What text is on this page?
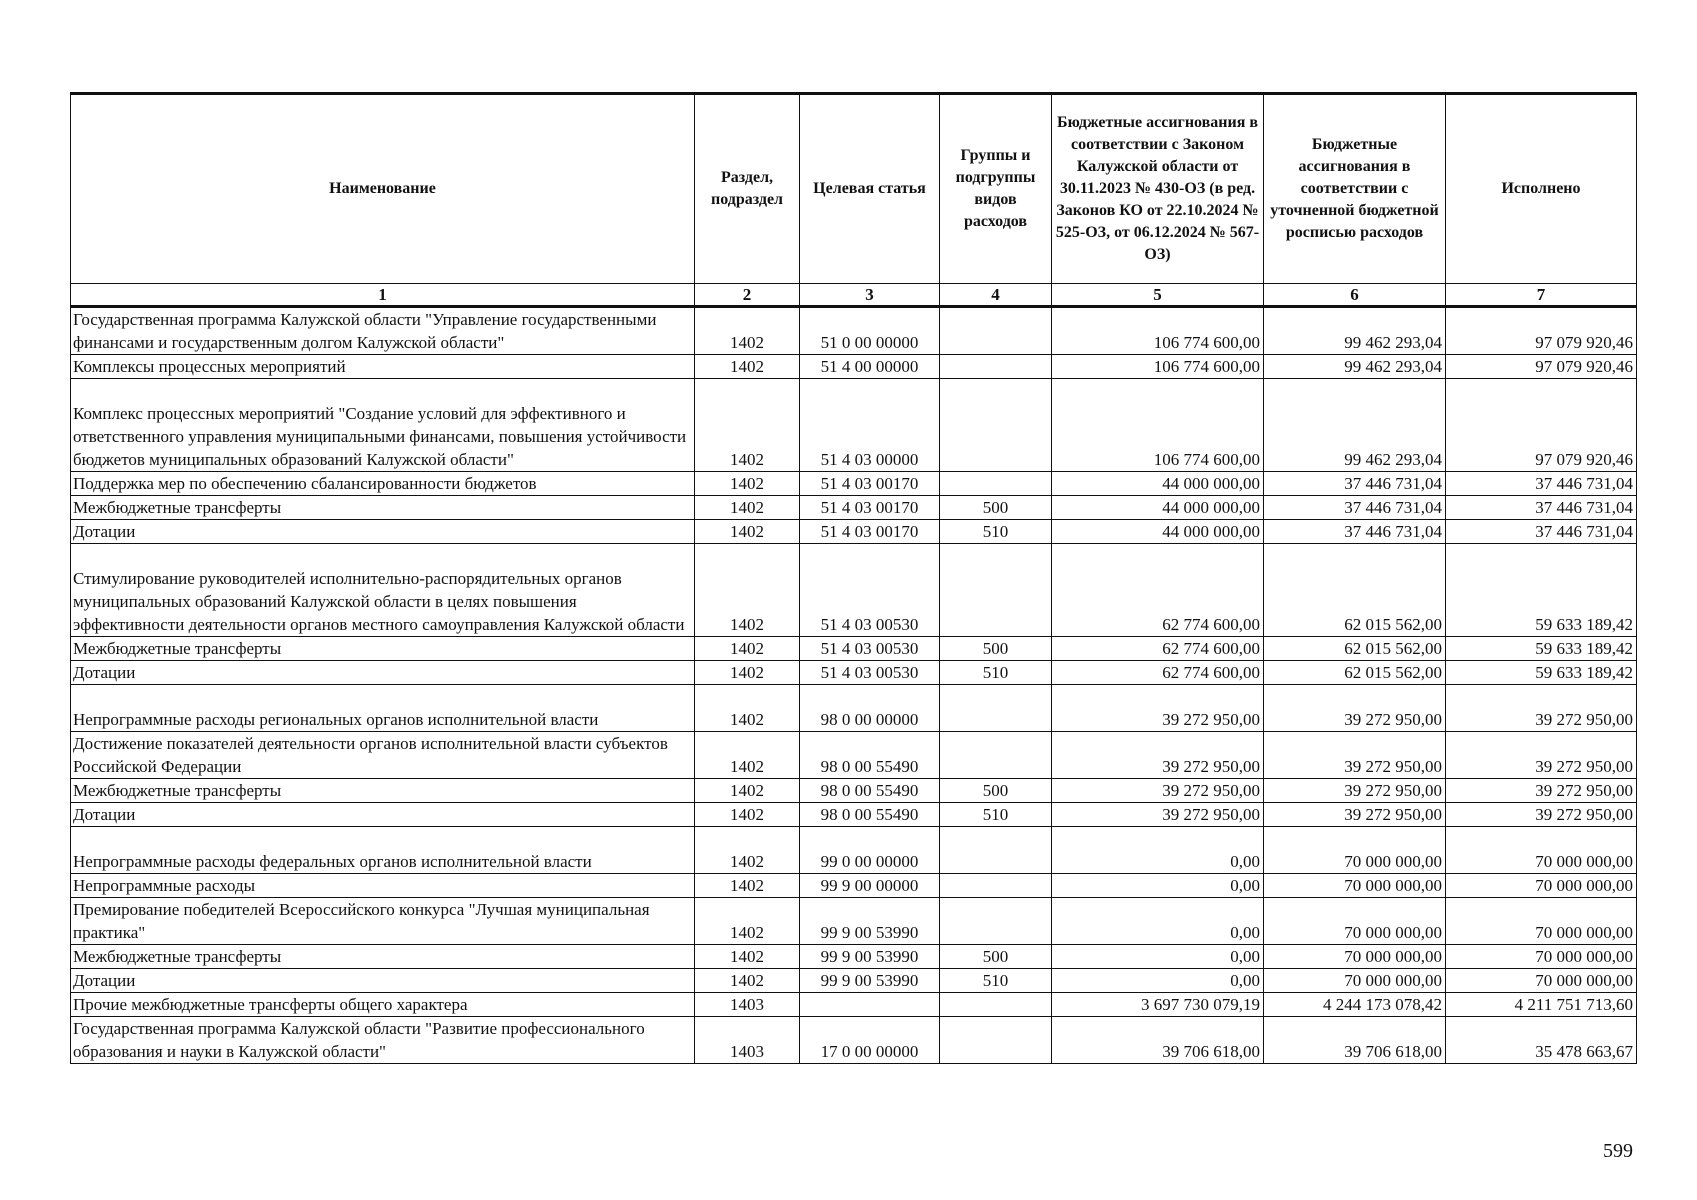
Наименование	Раздел, подраздел	Целевая статья	Группы и подгруппы видов расходов	Бюджетные ассигнования в соответствии с Законом Калужской области от 30.11.2023 № 430-ОЗ (в ред. Законов КО от 22.10.2024 № 525-ОЗ, от 06.12.2024 № 567-ОЗ)	Бюджетные ассигнования в соответствии с уточненной бюджетной росписью расходов	Исполнено
1	2	3	4	5	6	7
Государственная программа Калужской области "Управление государственными финансами и государственным долгом Калужской области"	1402	51 0 00 00000		106 774 600,00	99 462 293,04	97 079 920,46
Комплексы процессных мероприятий	1402	51 4 00 00000		106 774 600,00	99 462 293,04	97 079 920,46
Комплекс процессных мероприятий "Создание условий для эффективного и ответственного управления муниципальными финансами, повышения устойчивости бюджетов муниципальных образований Калужской области"	1402	51 4 03 00000		106 774 600,00	99 462 293,04	97 079 920,46
Поддержка мер по обеспечению сбалансированности бюджетов	1402	51 4 03 00170		44 000 000,00	37 446 731,04	37 446 731,04
Межбюджетные трансферты	1402	51 4 03 00170	500	44 000 000,00	37 446 731,04	37 446 731,04
Дотации	1402	51 4 03 00170	510	44 000 000,00	37 446 731,04	37 446 731,04
Стимулирование руководителей исполнительно-распорядительных органов муниципальных образований Калужской области в целях повышения эффективности деятельности органов местного самоуправления Калужской области	1402	51 4 03 00530		62 774 600,00	62 015 562,00	59 633 189,42
Межбюджетные трансферты	1402	51 4 03 00530	500	62 774 600,00	62 015 562,00	59 633 189,42
Дотации	1402	51 4 03 00530	510	62 774 600,00	62 015 562,00	59 633 189,42
Непрограммные расходы региональных органов исполнительной власти	1402	98 0 00 00000		39 272 950,00	39 272 950,00	39 272 950,00
Достижение показателей деятельности органов исполнительной власти субъектов Российской Федерации	1402	98 0 00 55490		39 272 950,00	39 272 950,00	39 272 950,00
Межбюджетные трансферты	1402	98 0 00 55490	500	39 272 950,00	39 272 950,00	39 272 950,00
Дотации	1402	98 0 00 55490	510	39 272 950,00	39 272 950,00	39 272 950,00
Непрограммные расходы федеральных органов исполнительной власти	1402	99 0 00 00000		0,00	70 000 000,00	70 000 000,00
Непрограммные расходы	1402	99 9 00 00000		0,00	70 000 000,00	70 000 000,00
Премирование победителей Всероссийского конкурса "Лучшая муниципальная практика"	1402	99 9 00 53990		0,00	70 000 000,00	70 000 000,00
Межбюджетные трансферты	1402	99 9 00 53990	500	0,00	70 000 000,00	70 000 000,00
Дотации	1402	99 9 00 53990	510	0,00	70 000 000,00	70 000 000,00
Прочие межбюджетные трансферты общего характера	1403			3 697 730 079,19	4 244 173 078,42	4 211 751 713,60
Государственная программа Калужской области "Развитие профессионального образования и науки в Калужской области"	1403	17 0 00 00000		39 706 618,00	39 706 618,00	35 478 663,67
599
